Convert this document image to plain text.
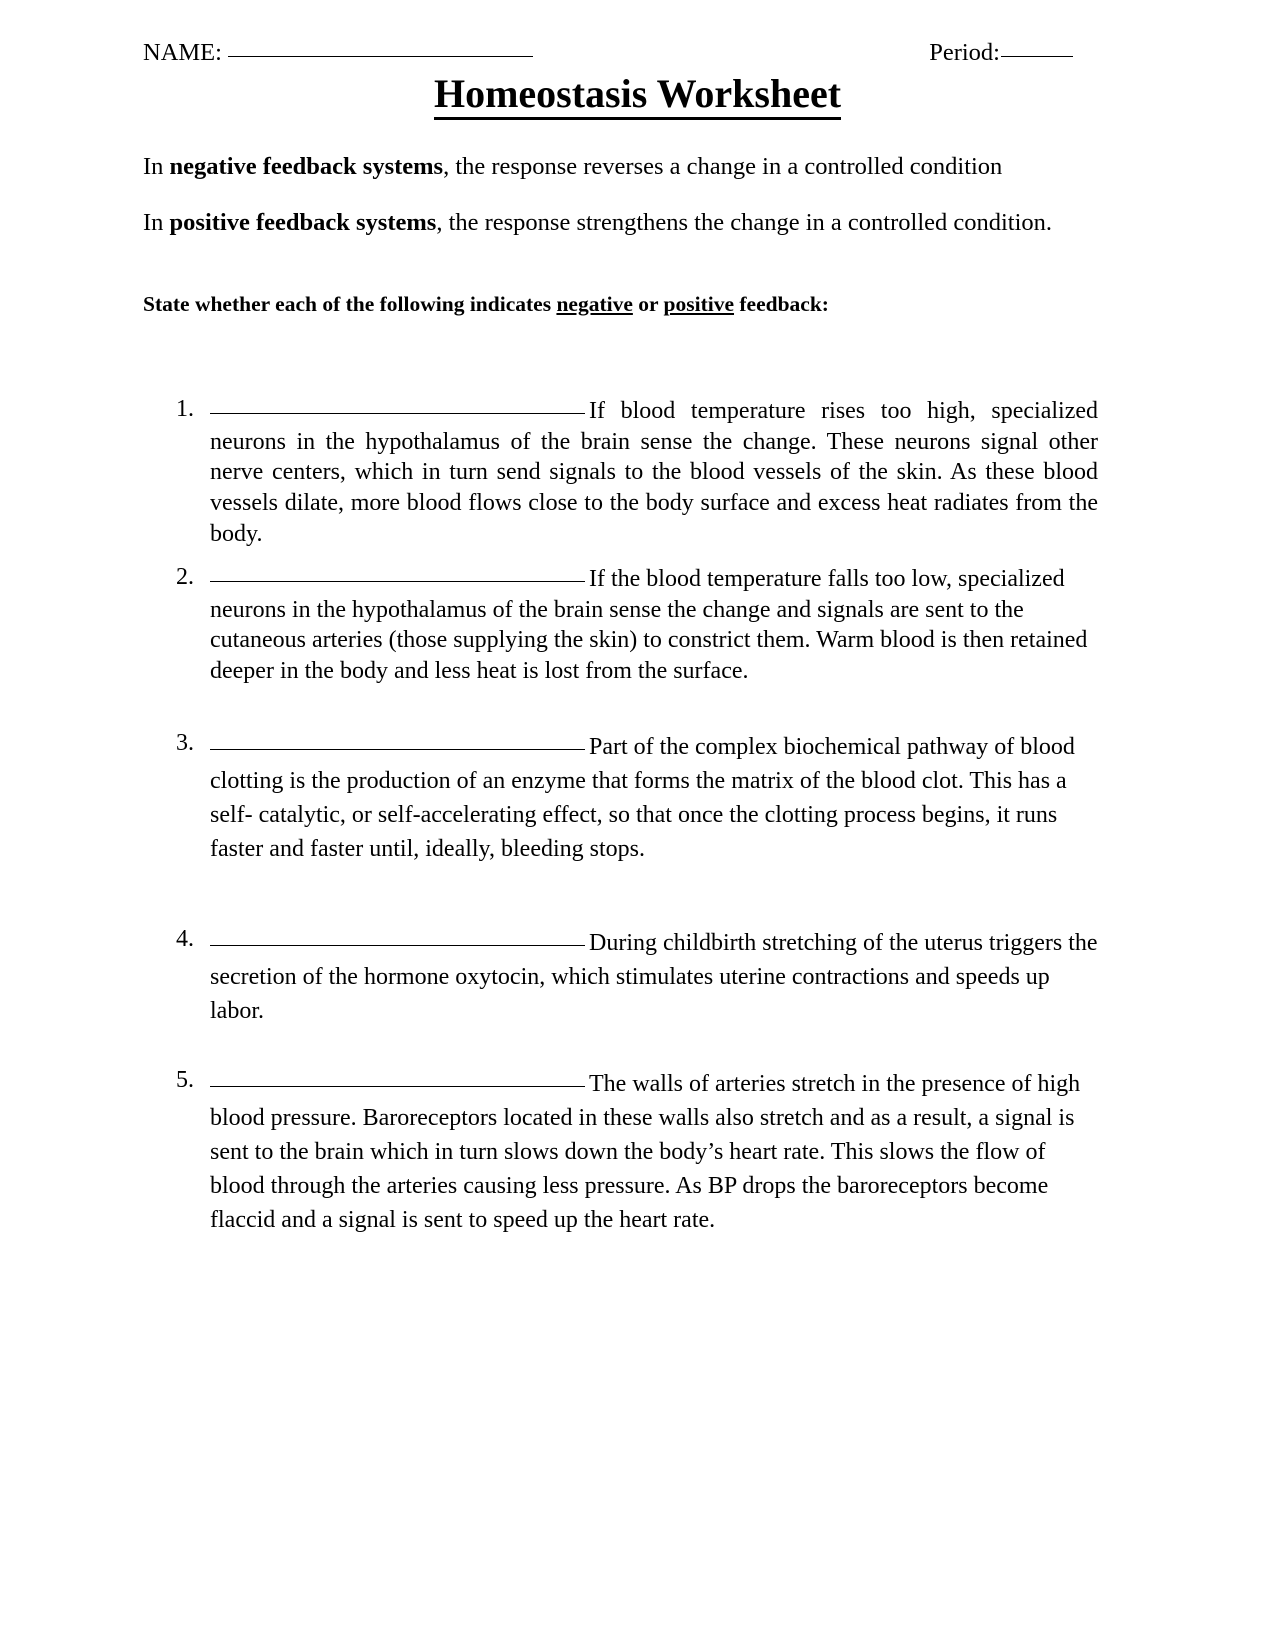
NAME:	Period:
Homeostasis Worksheet
In negative feedback systems, the response reverses a change in a controlled condition
In positive feedback systems, the response strengthens the change in a controlled condition.
State whether each of the following indicates negative or positive feedback:
1.	If blood temperature rises too high, specialized neurons in the hypothalamus of the brain sense the change. These neurons signal other nerve centers, which in turn send signals to the blood vessels of the skin. As these blood vessels dilate, more blood flows close to the body surface and excess heat radiates from the body.
2.	If the blood temperature falls too low, specialized neurons in the hypothalamus of the brain sense the change and signals are sent to the cutaneous arteries (those supplying the skin) to constrict them. Warm blood is then retained deeper in the body and less heat is lost from the surface.
3.	Part of the complex biochemical pathway of blood clotting is the production of an enzyme that forms the matrix of the blood clot. This has a self- catalytic, or self-accelerating effect, so that once the clotting process begins, it runs faster and faster until, ideally, bleeding stops.
4.	During childbirth stretching of the uterus triggers the secretion of the hormone oxytocin, which stimulates uterine contractions and speeds up labor.
5.	The walls of arteries stretch in the presence of high blood pressure. Baroreceptors located in these walls also stretch and as a result, a signal is sent to the brain which in turn slows down the body’s heart rate. This slows the flow of blood through the arteries causing less pressure. As BP drops the baroreceptors become flaccid and a signal is sent to speed up the heart rate.
